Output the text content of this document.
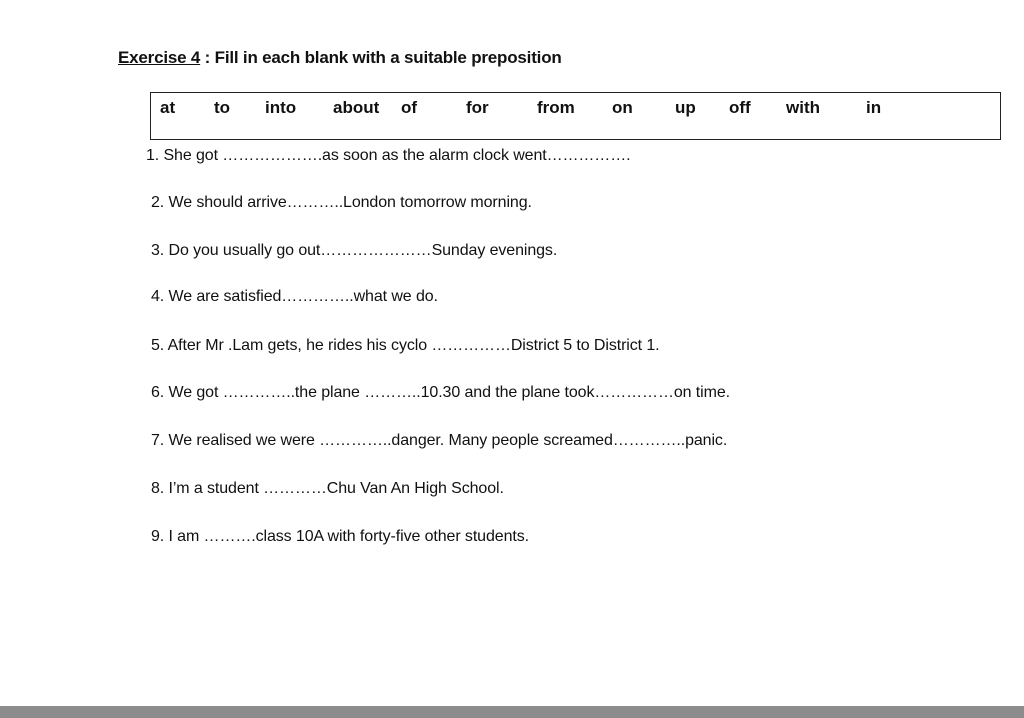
Exercise 4 : Fill in each blank with a suitable preposition
at to into about of	for	from on up off with	in
1. She got ……………….as soon as the alarm clock went…………….
2. We should arrive………..London tomorrow morning.
3. Do you usually go out…………………Sunday evenings.
4. We are satisfied…………..what we do.
5. After Mr .Lam gets, he rides his cyclo ……………District 5 to District 1.
6. We got …………..the plane ………..10.30 and the plane took……………on time.
7. We realised we were …………..danger. Many people screamed…………..panic.
8. I’m a student …………Chu Van An High School.
9. I am ……….class 10A with forty-five other students.
